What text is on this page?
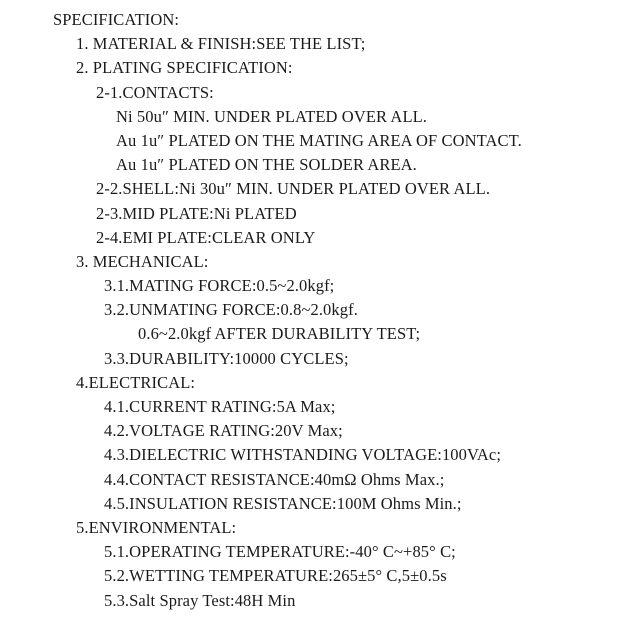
SPECIFICATION:
1. MATERIAL & FINISH:SEE THE LIST;
2. PLATING SPECIFICATION:
2-1.CONTACTS:
Ni 50u″ MIN. UNDER PLATED OVER ALL.
Au 1u″ PLATED ON THE MATING AREA OF CONTACT.
Au 1u″ PLATED ON THE SOLDER AREA.
2-2.SHELL:Ni 30u″ MIN. UNDER PLATED OVER ALL.
2-3.MID PLATE:Ni PLATED
2-4.EMI PLATE:CLEAR ONLY
3. MECHANICAL:
3.1.MATING FORCE:0.5~2.0kgf;
3.2.UNMATING FORCE:0.8~2.0kgf.
0.6~2.0kgf AFTER DURABILITY TEST;
3.3.DURABILITY:10000 CYCLES;
4.ELECTRICAL:
4.1.CURRENT RATING:5A Max;
4.2.VOLTAGE RATING:20V Max;
4.3.DIELECTRIC WITHSTANDING VOLTAGE:100VAc;
4.4.CONTACT RESISTANCE:40mΩ Ohms Max.;
4.5.INSULATION RESISTANCE:100M Ohms Min.;
5.ENVIRONMENTAL:
5.1.OPERATING TEMPERATURE:-40° C~+85° C;
5.2.WETTING TEMPERATURE:265±5° C,5±0.5s
5.3.Salt Spray Test:48H Min
